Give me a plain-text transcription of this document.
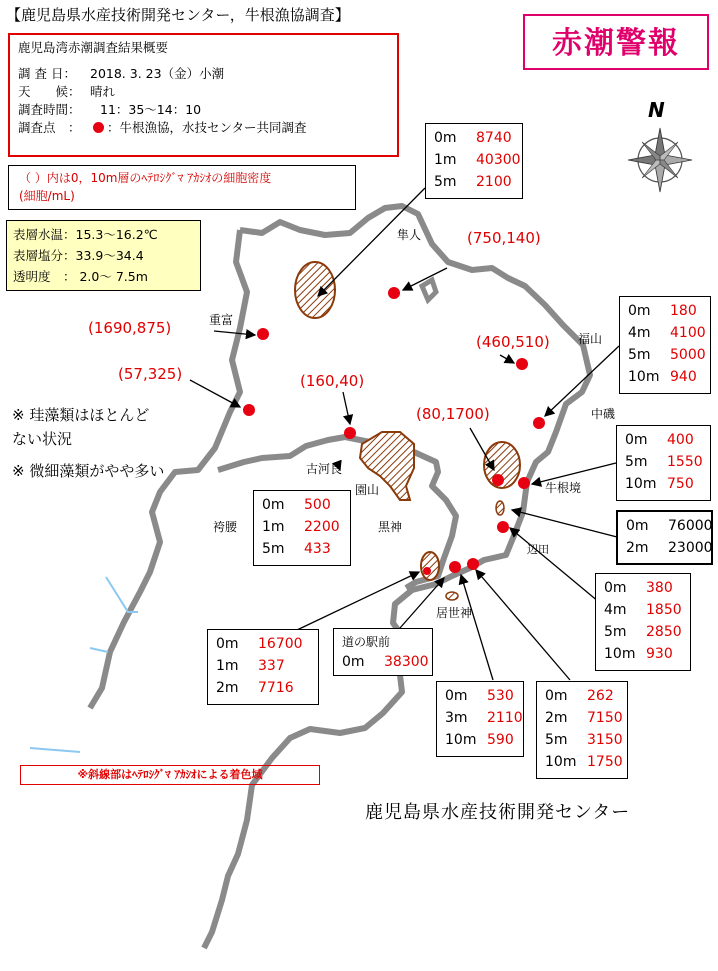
【鹿児島県水産技術開発センター，牛根漁協調査】
赤潮警報
鹿児島湾赤潮調査結果概要
調 査 日： 2018. 3. 23（金）小潮
天　　候： 晴れ
調査時間： 11：35～14：10
調査点　： ：牛根漁協，水技センター共同調査
（ ）内は0，10m層のﾍﾃﾛｼｸﾞﾏ ｱｶｼｵの細胞密度
(細胞/mL)
表層水温：15.3～16.2℃
表層塩分：33.9～34.4
透明度　： 2.0～ 7.5m
※ 珪藻類はほとんど
ない状況
※ 微細藻類がやや多い
N
隼人
重富
福山
中磯
牛根境
古河良
園山
袴腰	黒神
辺田
居世神
(750,140)
(1690,875)
(460,510)
(57,325)	(160,40)
(80,1700)
0m 8740
1m 40300
5m 2100
0m 180
4m 4100
5m 5000
10m 940
0m 400
5m 1550
10m 750
0m 76000
2m 23000
0m 500
1m 2200
5m 433
0m 380
4m 1850
5m 2850
10m 930
0m 16700
1m 337
2m 7716
道の駅前
0m 38300
0m 530
3m 2110
10m 590
0m 262
2m 7150
5m 3150
10m 1750
※斜線部はﾍﾃﾛｼｸﾞﾏ ｱｶｼｵによる着色域
鹿児島県水産技術開発センター
